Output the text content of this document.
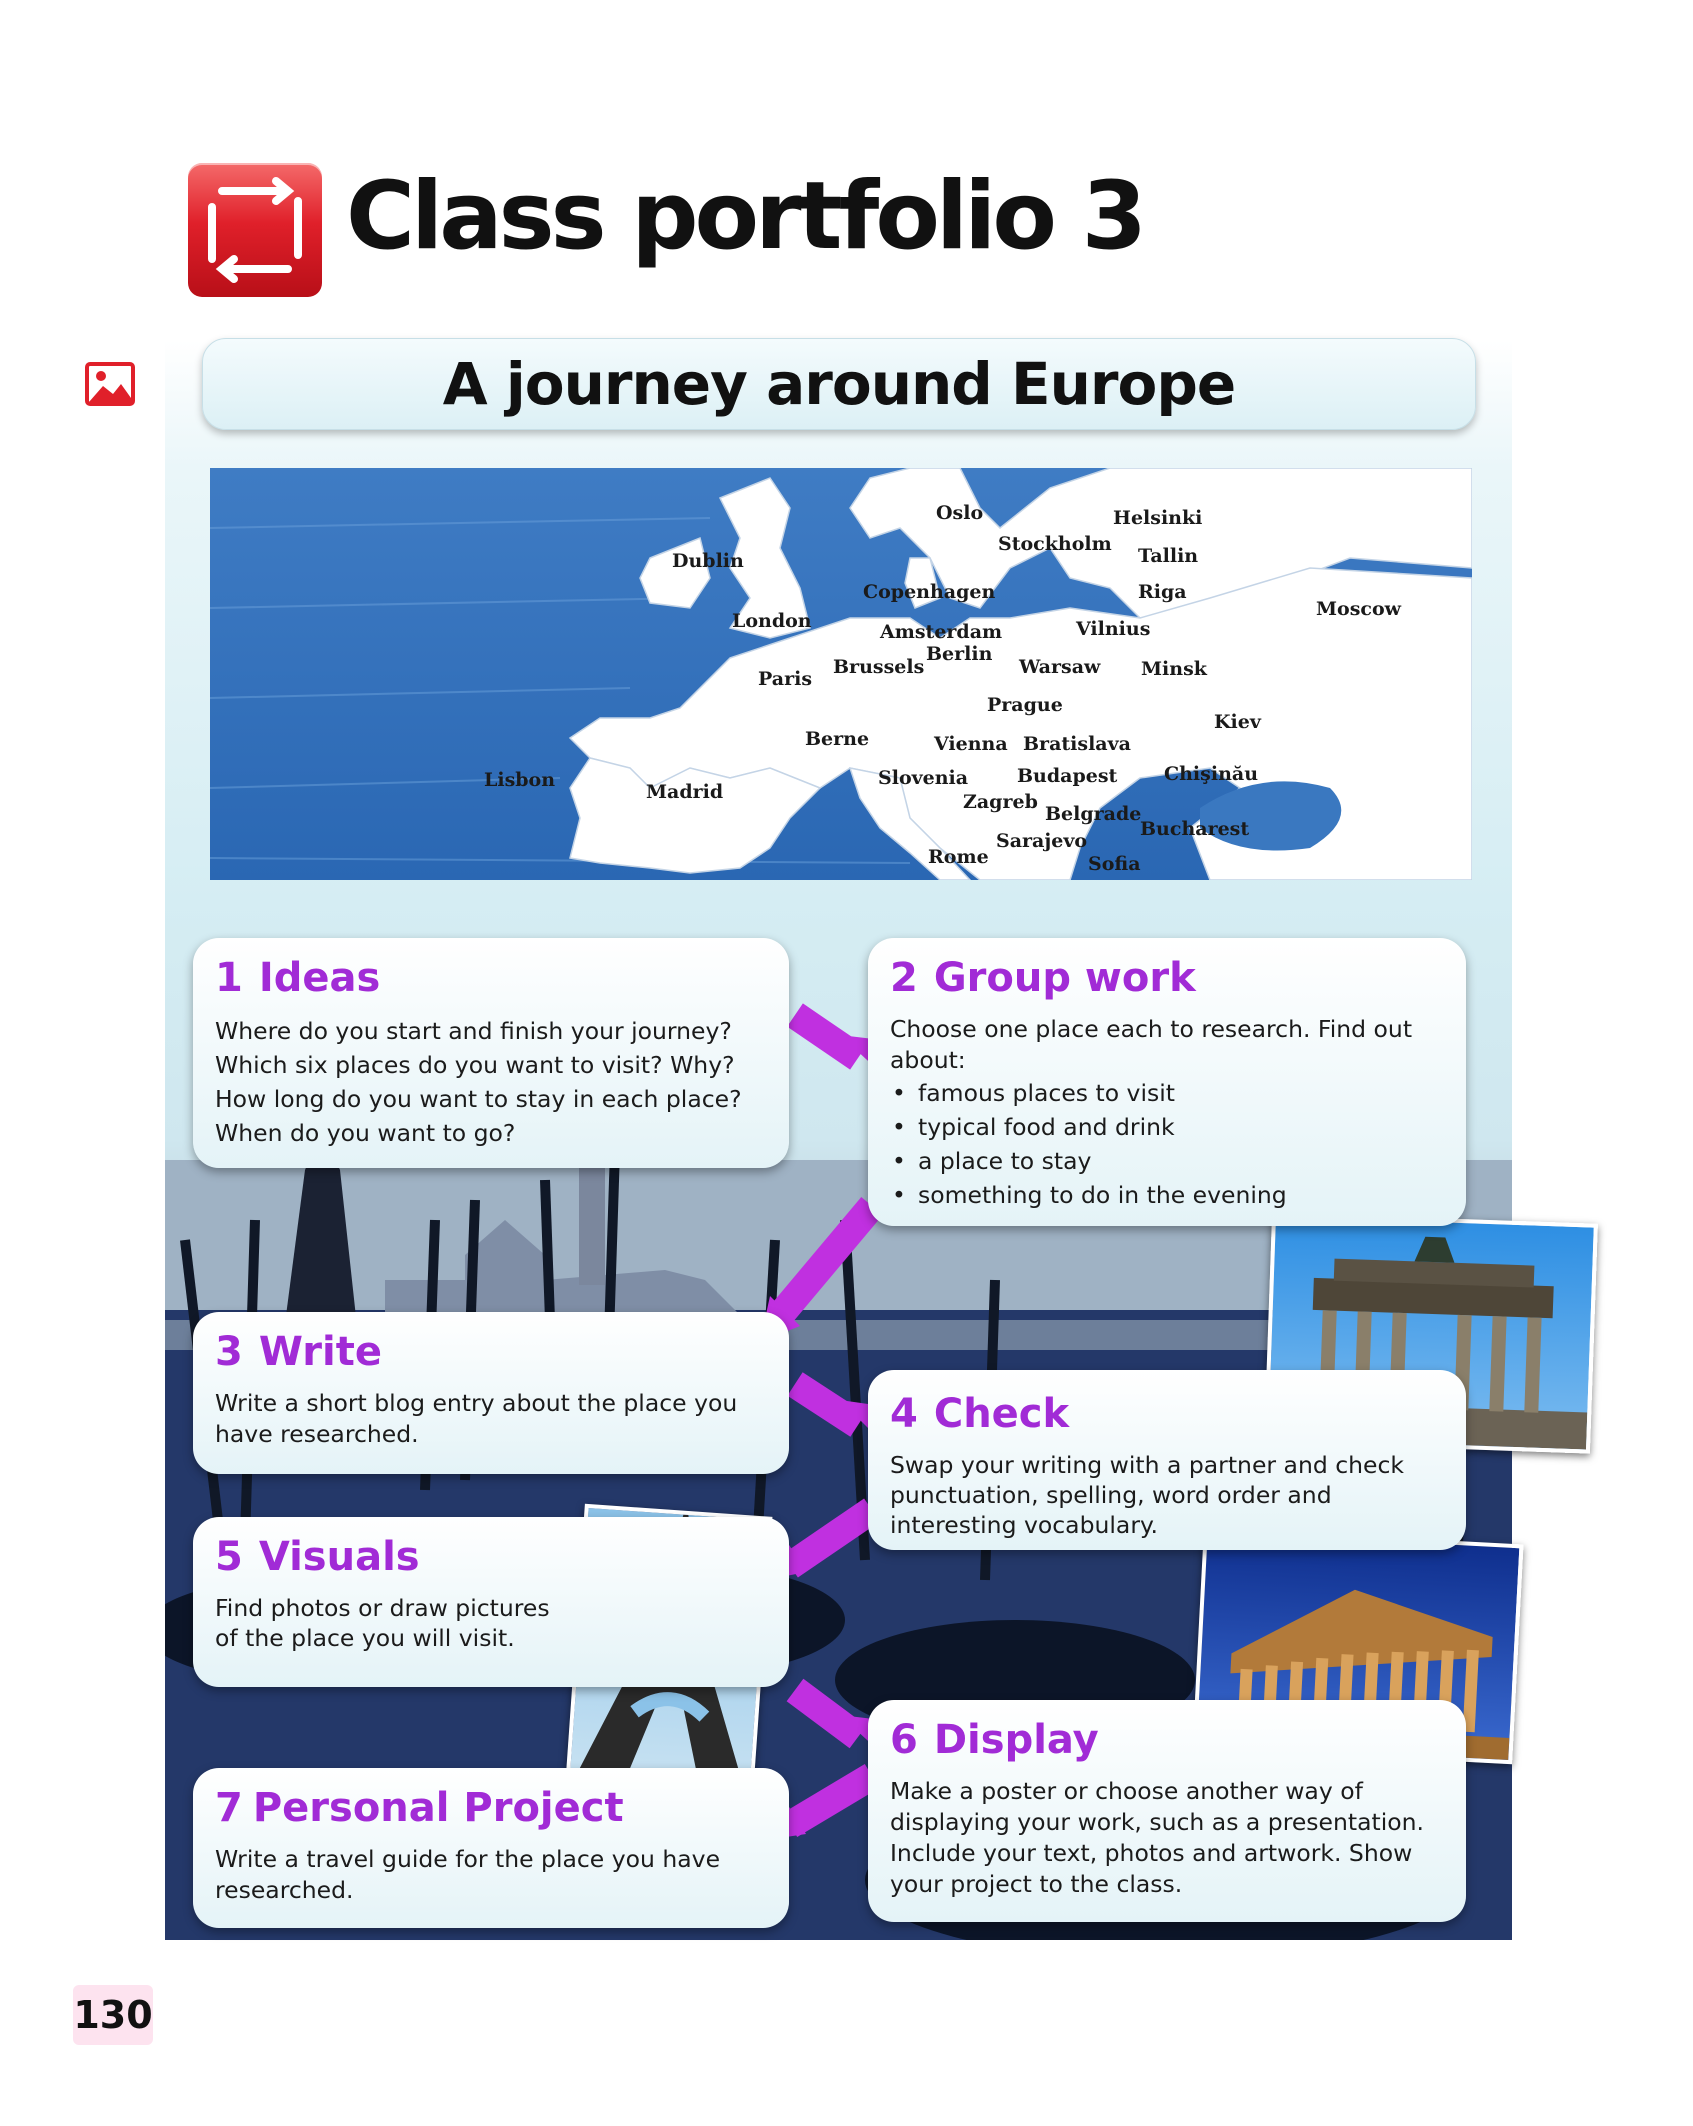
Class portfolio 3
A journey around Europe
Oslo	Helsinki
Stockholm
Tallin
Dublin
Riga
Copenhagen
Moscow
London	Amsterdam	Vilnius
Berlin
Brussels	Warsaw Minsk
Paris
Prague
Kiev
Berne	Vienna Bratislava
Lisbon	Slovenia	Budapest Chişinău
Madrid	Zagreb
Belgrade
Bucharest
Sarajevo
Rome	Sofia
1 Ideas

Where do you start and finish your journey?

Which six places do you want to visit? Why?

How long do you want to stay in each place?

When do you want to go?

2 Group work

Choose one place each to research. Find out about:

• famous places to visit
• typical food and drink
• a place to stay
• something to do in the evening
3 Write

Write a short blog entry about the place you have researched.	4 Check

Swap your writing with a partner and check punctuation, spelling, word order and interesting vocabulary.

5 Visuals

Find photos or draw pictures of the place you will visit.

6 Display

Make a poster or choose another way of displaying your work, such as a presentation. Include your text, photos and artwork. Show your project to the class.

7 Personal Project

Write a travel guide for the place you have researched.

130
